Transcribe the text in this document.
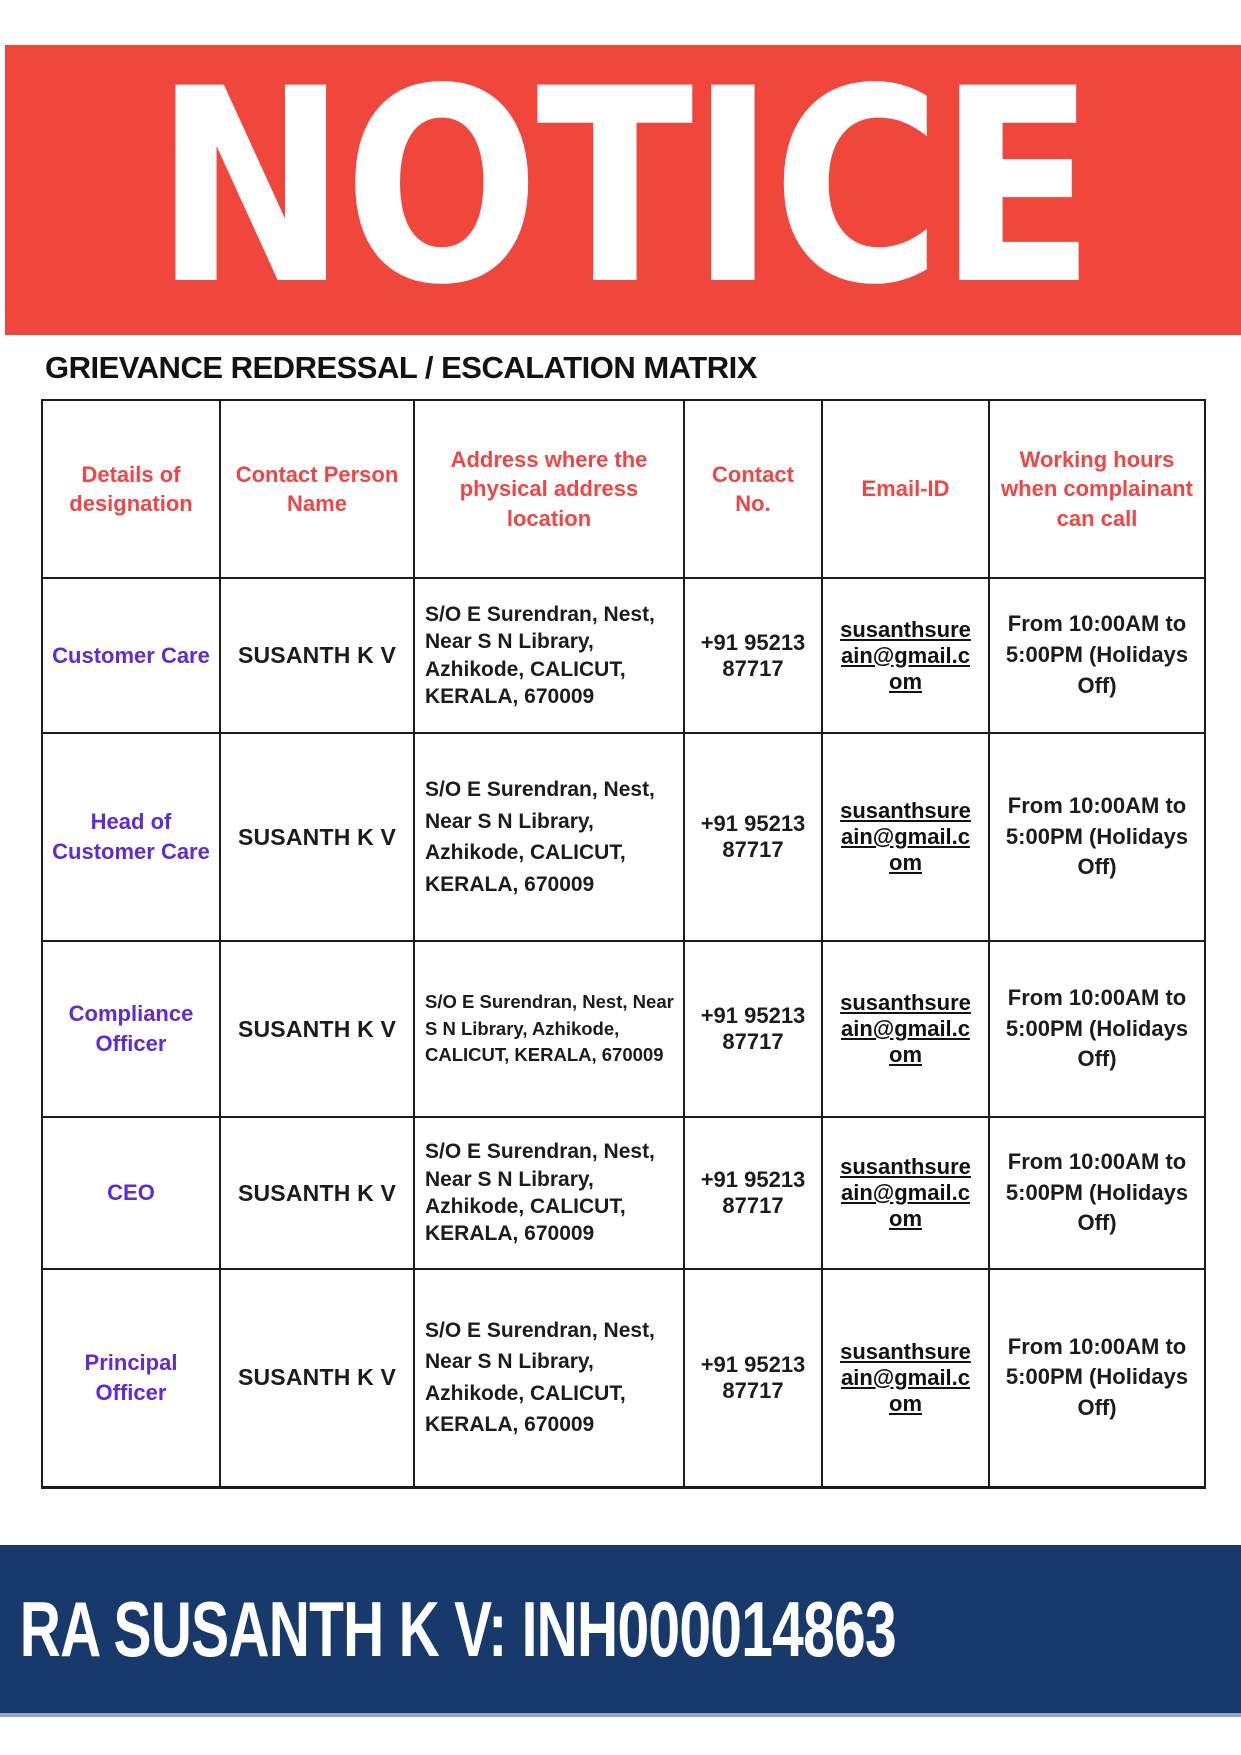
NOTICE
GRIEVANCE REDRESSAL / ESCALATION MATRIX
Details of designation	Contact Person Name	Address where the physical address location	Contact No.	Email-ID	Working hours when complainant can call
Customer Care	SUSANTH K V	S/O E Surendran, Nest, Near S N Library, Azhikode, CALICUT, KERALA, 670009	+91 95213 87717	susanthsureain@gmail.com	From 10:00AM to 5:00PM (Holidays Off)
Head of Customer Care	SUSANTH K V	S/O E Surendran, Nest, Near S N Library, Azhikode, CALICUT, KERALA, 670009	+91 95213 87717	susanthsureain@gmail.com	From 10:00AM to 5:00PM (Holidays Off)
Compliance Officer	SUSANTH K V	S/O E Surendran, Nest, Near S N Library, Azhikode, CALICUT, KERALA, 670009	+91 95213 87717	susanthsureain@gmail.com	From 10:00AM to 5:00PM (Holidays Off)
CEO	SUSANTH K V	S/O E Surendran, Nest, Near S N Library, Azhikode, CALICUT, KERALA, 670009	+91 95213 87717	susanthsureain@gmail.com	From 10:00AM to 5:00PM (Holidays Off)
Principal Officer	SUSANTH K V	S/O E Surendran, Nest, Near S N Library, Azhikode, CALICUT, KERALA, 670009	+91 95213 87717	susanthsureain@gmail.com	From 10:00AM to 5:00PM (Holidays Off)
RA SUSANTH K V: INH000014863
